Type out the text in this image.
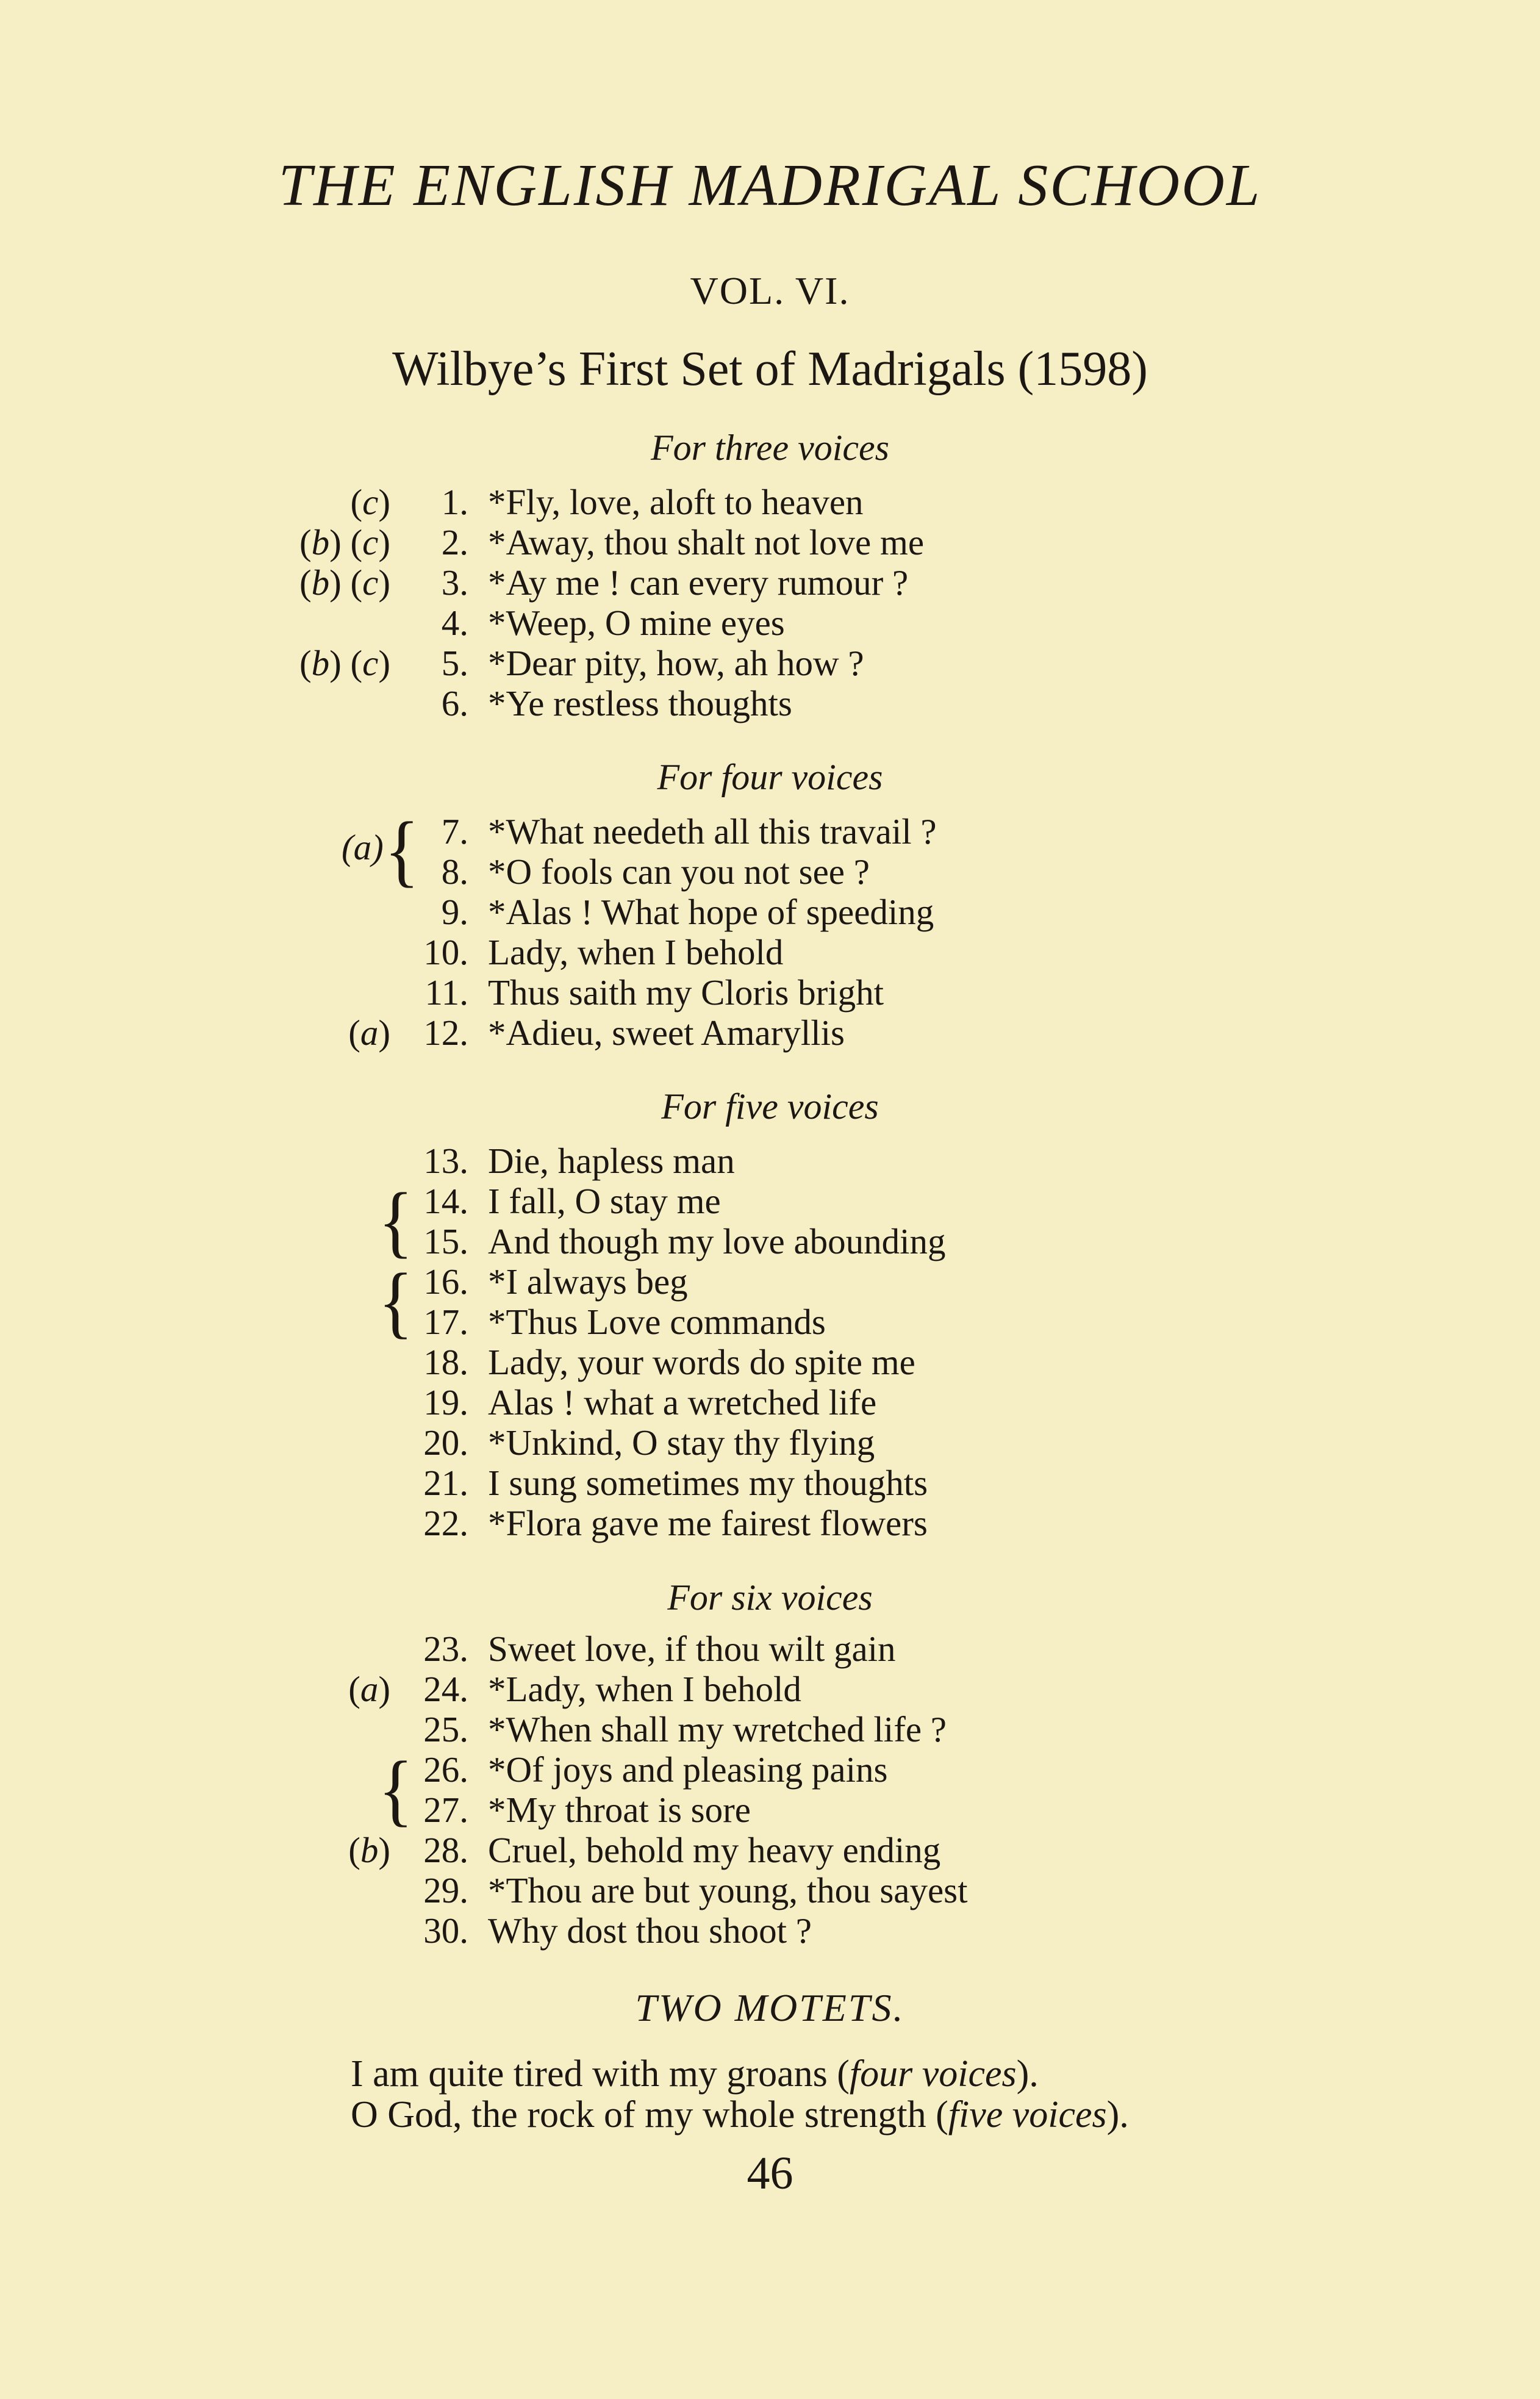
THE ENGLISH MADRIGAL SCHOOL
VOL. VI.
Wilbye’s First Set of Madrigals (1598)
For three voices
(c) 1. *Fly, love, aloft to heaven
(b) (c) 2. *Away, thou shalt not love me
(b) (c) 3. *Ay me ! can every rumour ?
4. *Weep, O mine eyes
(b) (c) 5. *Dear pity, how, ah how ?
6. *Ye restless thoughts
For four voices
7. *What needeth all this travail ?
8. *O fools can you not see ?
9. *Alas ! What hope of speeding
10. Lady, when I behold
11. Thus saith my Cloris bright
(a) 12. *Adieu, sweet Amaryllis
For five voices
13. Die, hapless man
14. I fall, O stay me
15. And though my love abounding
16. *I always beg
17. *Thus Love commands
18. Lady, your words do spite me
19. Alas ! what a wretched life
20. *Unkind, O stay thy flying
21. I sung sometimes my thoughts
22. *Flora gave me fairest flowers
For six voices
23. Sweet love, if thou wilt gain
(a) 24. *Lady, when I behold
25. *When shall my wretched life ?
26. *Of joys and pleasing pains
27. *My throat is sore
(b) 28. Cruel, behold my heavy ending
29. *Thou are but young, thou sayest
30. Why dost thou shoot ?
{
(a)
{
{
{
TWO MOTETS.
I am quite tired with my groans (four voices).
O God, the rock of my whole strength (five voices).
46
